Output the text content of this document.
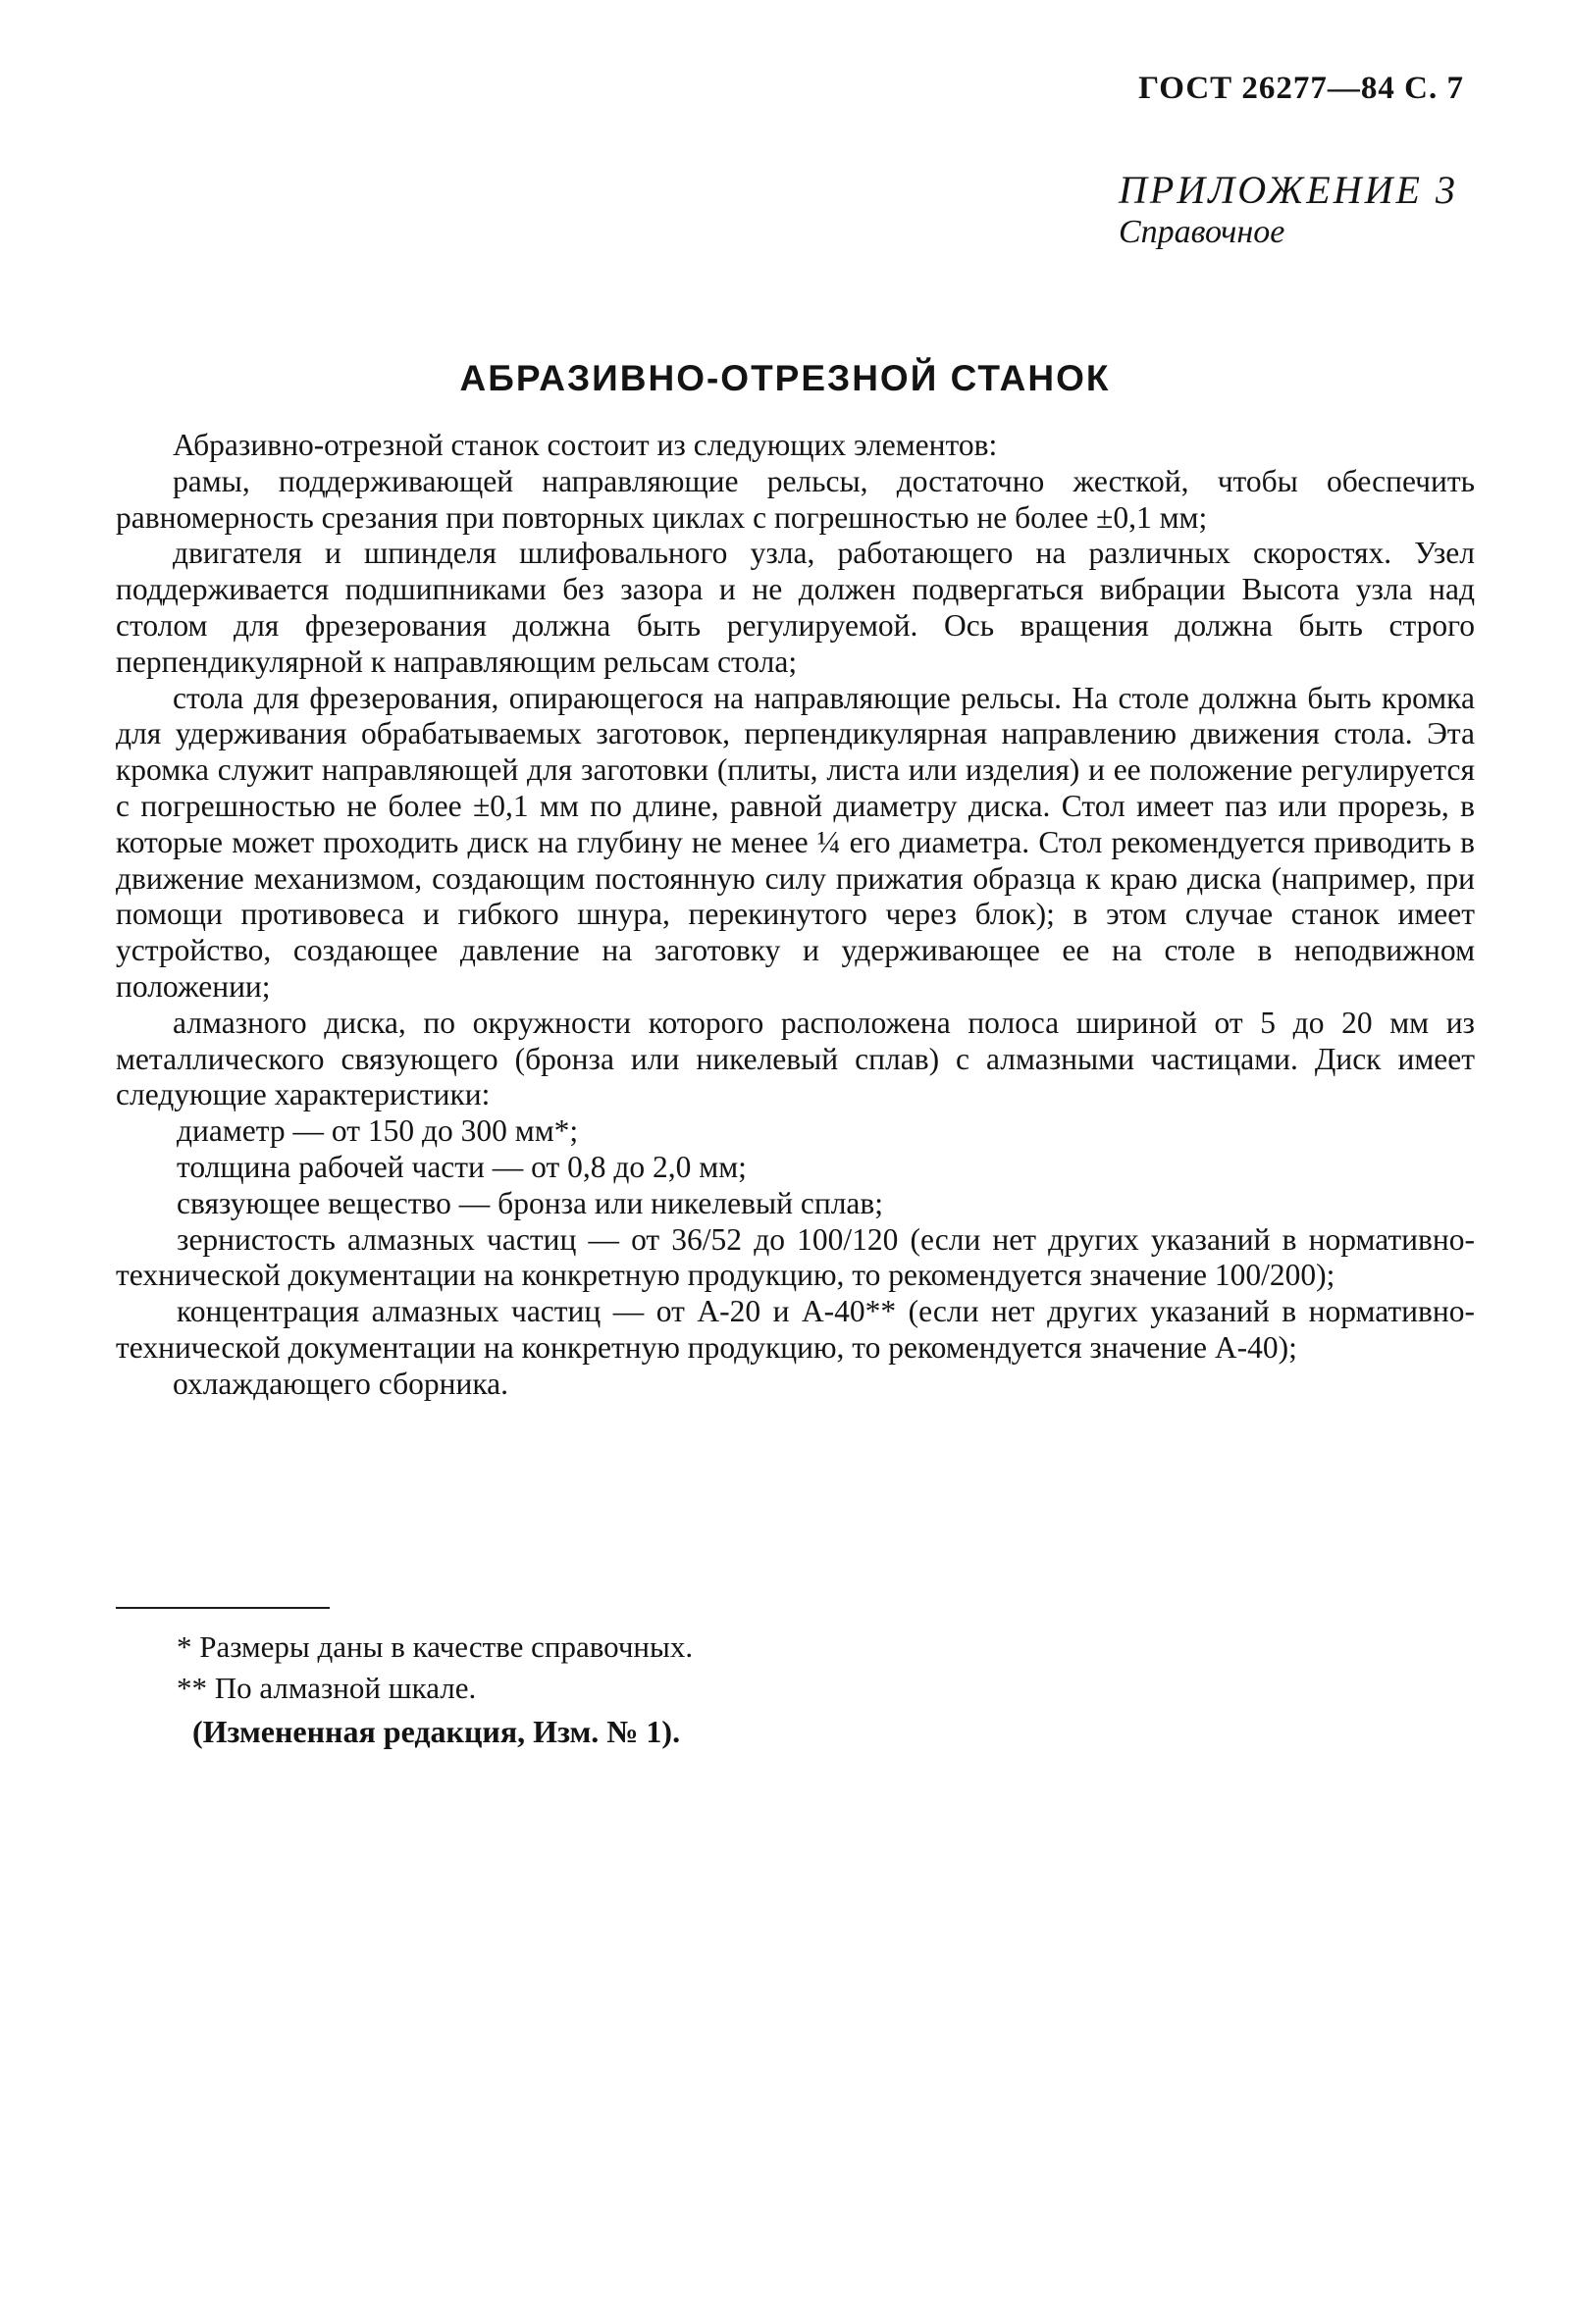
ГОСТ 26277—84 С. 7
ПРИЛОЖЕНИЕ 3
Справочное
АБРАЗИВНО-ОТРЕЗНОЙ СТАНОК

Абразивно-отрезной станок состоит из следующих элементов:

рамы, поддерживающей направляющие рельсы, достаточно жесткой, чтобы обеспечить равномерность срезания при повторных циклах с погрешностью не более ±0,1 мм;

двигателя и шпинделя шлифовального узла, работающего на различных скоростях. Узел поддерживается подшипниками без зазора и не должен подвергаться вибрации Высота узла над столом для фрезерования должна быть регулируемой. Ось вращения должна быть строго перпендикулярной к направляющим рельсам стола;

стола для фрезерования, опирающегося на направляющие рельсы. На столе должна быть кромка для удерживания обрабатываемых заготовок, перпендикулярная направлению движения стола. Эта кромка служит направляющей для заготовки (плиты, листа или изделия) и ее положение регулируется с погрешностью не более ±0,1 мм по длине, равной диаметру диска. Стол имеет паз или прорезь, в которые может проходить диск на глубину не менее ¼ его диаметра. Стол рекомендуется приводить в движение механизмом, создающим постоянную силу прижатия образца к краю диска (например, при помощи противовеса и гибкого шнура, перекинутого через блок); в этом случае станок имеет устройство, создающее давление на заготовку и удерживающее ее на столе в неподвижном положении;

алмазного диска, по окружности которого расположена полоса шириной от 5 до 20 мм из металлического связующего (бронза или никелевый сплав) с алмазными частицами. Диск имеет следующие характеристики:

диаметр — от 150 до 300 мм*;

толщина рабочей части — от 0,8 до 2,0 мм;

связующее вещество — бронза или никелевый сплав;

зернистость алмазных частиц — от 36/52 до 100/120 (если нет других указаний в нормативно-технической документации на конкретную продукцию, то рекомендуется значение 100/200);

концентрация алмазных частиц — от А-20 и А-40** (если нет других указаний в нормативно-технической документации на конкретную продукцию, то рекомендуется значение А-40);

охлаждающего сборника.

* Размеры даны в качестве справочных.
** По алмазной шкале.
(Измененная редакция, Изм. № 1).
